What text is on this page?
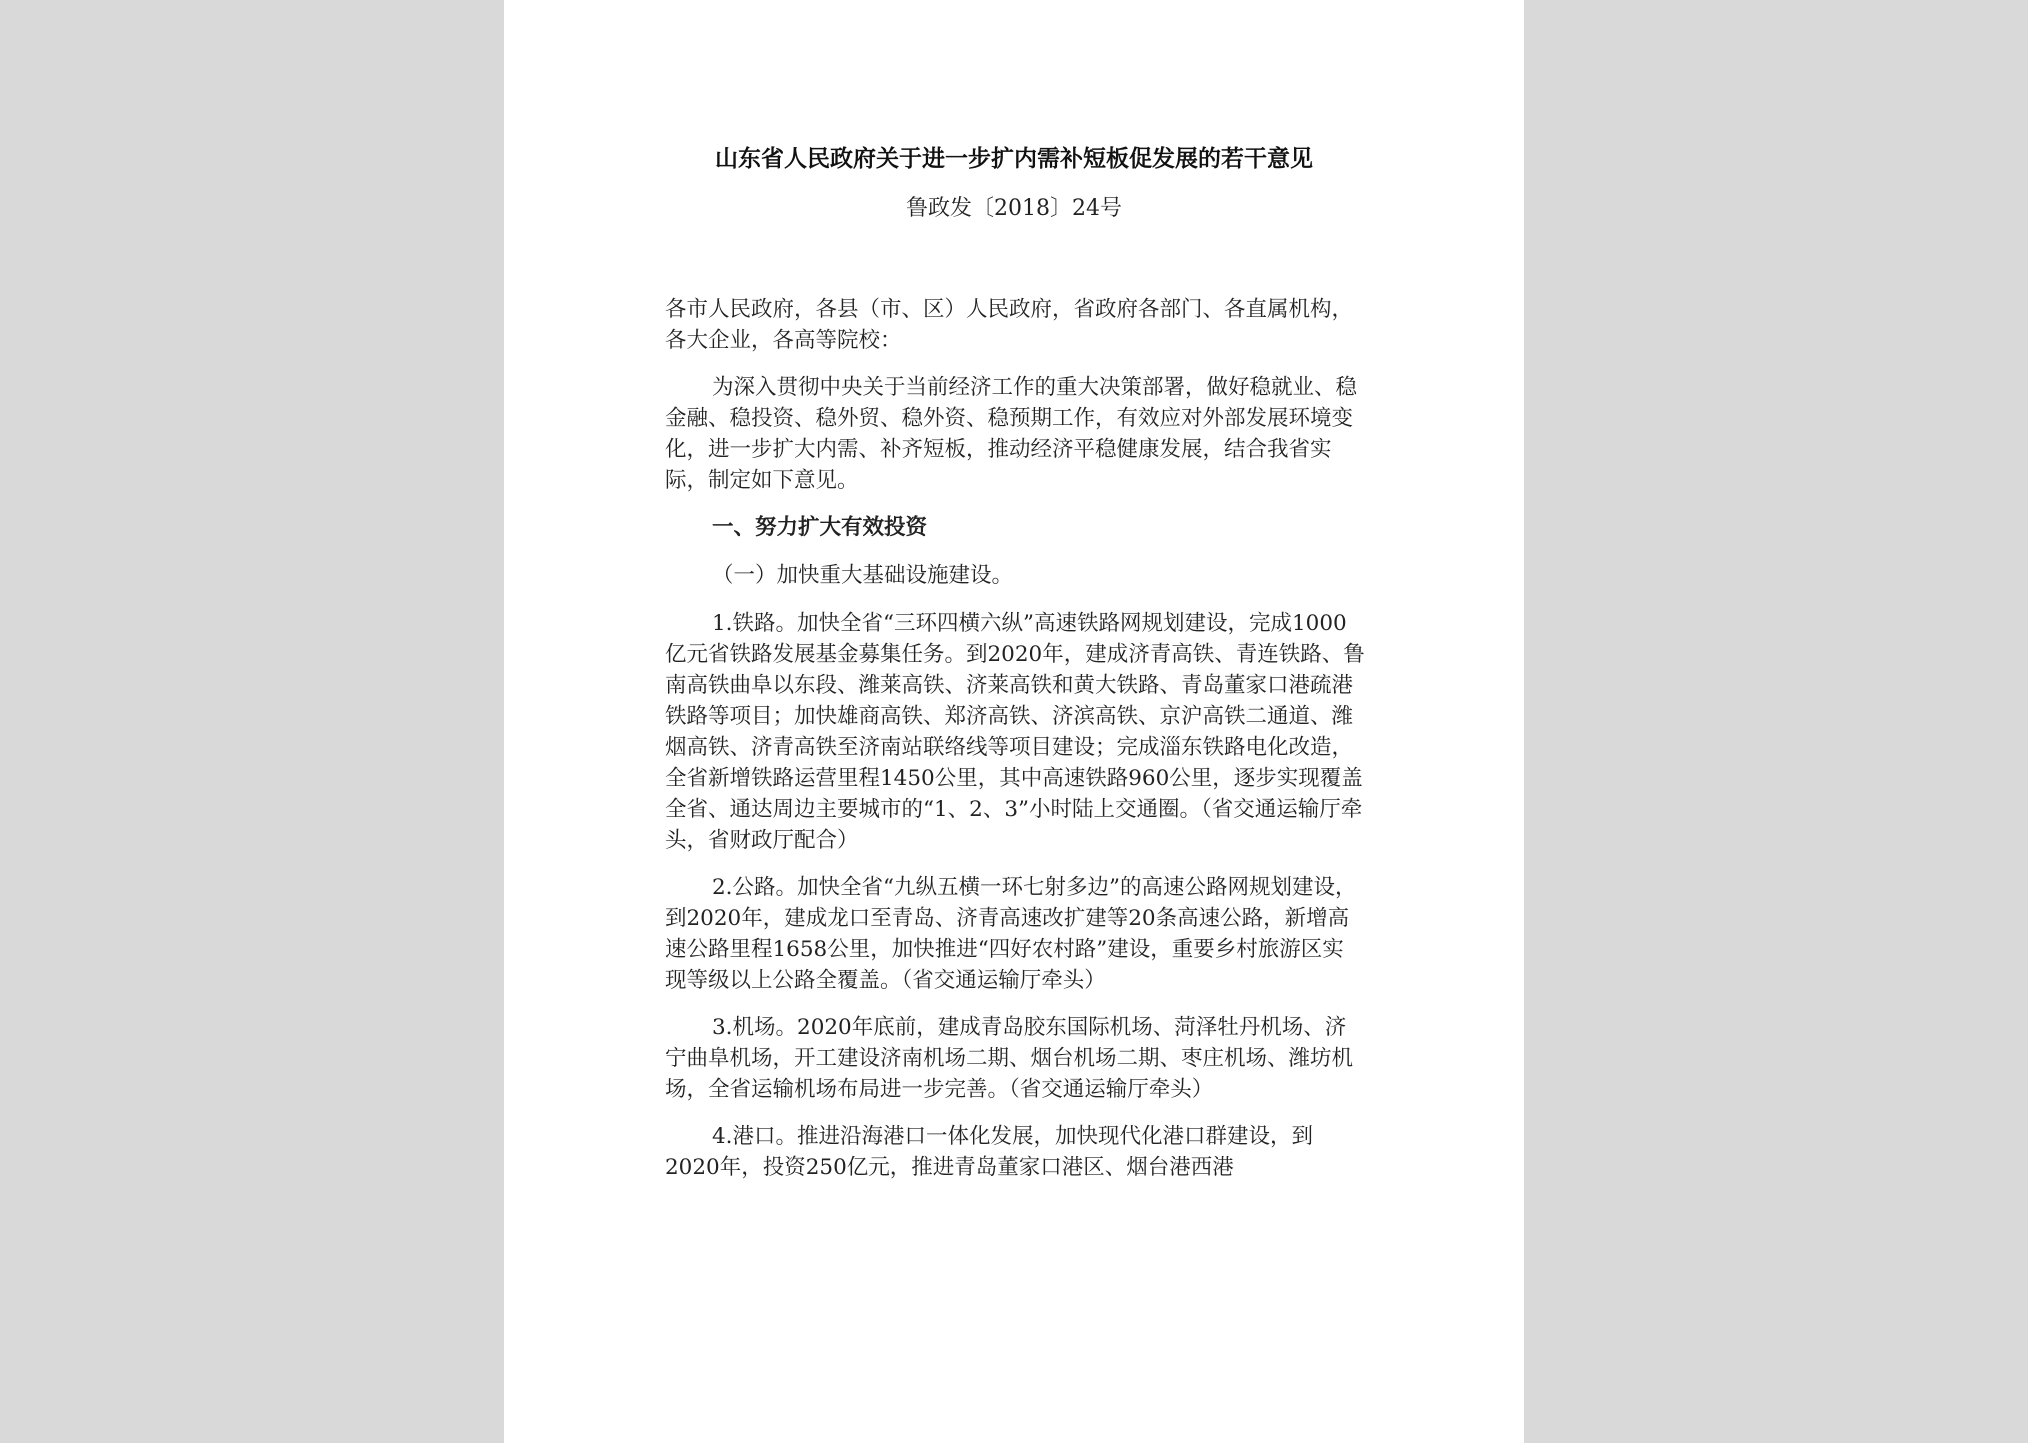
山东省人民政府关于进一步扩内需补短板促发展的若干意见
鲁政发〔2018〕24号

各市人民政府，各县（市、区）人民政府，省政府各部门、各直属机构，各大企业，各高等院校：

为深入贯彻中央关于当前经济工作的重大决策部署，做好稳就业、稳金融、稳投资、稳外贸、稳外资、稳预期工作，有效应对外部发展环境变化，进一步扩大内需、补齐短板，推动经济平稳健康发展，结合我省实际，制定如下意见。

一、努力扩大有效投资

（一）加快重大基础设施建设。

1.铁路。加快全省“三环四横六纵”高速铁路网规划建设，完成1000亿元省铁路发展基金募集任务。到2020年，建成济青高铁、青连铁路、鲁南高铁曲阜以东段、潍莱高铁、济莱高铁和黄大铁路、青岛董家口港疏港铁路等项目；加快雄商高铁、郑济高铁、济滨高铁、京沪高铁二通道、潍烟高铁、济青高铁至济南站联络线等项目建设；完成淄东铁路电化改造，全省新增铁路运营里程1450公里，其中高速铁路960公里，逐步实现覆盖全省、通达周边主要城市的“1、2、3”小时陆上交通圈。（省交通运输厅牵头，省财政厅配合）

2.公路。加快全省“九纵五横一环七射多边”的高速公路网规划建设，到2020年，建成龙口至青岛、济青高速改扩建等20条高速公路，新增高速公路里程1658公里，加快推进“四好农村路”建设，重要乡村旅游区实现等级以上公路全覆盖。（省交通运输厅牵头）

3.机场。2020年底前，建成青岛胶东国际机场、菏泽牡丹机场、济宁曲阜机场，开工建设济南机场二期、烟台机场二期、枣庄机场、潍坊机场，全省运输机场布局进一步完善。（省交通运输厅牵头）

4.港口。推进沿海港口一体化发展，加快现代化港口群建设，到2020年，投资250亿元，推进青岛董家口港区、烟台港西港
